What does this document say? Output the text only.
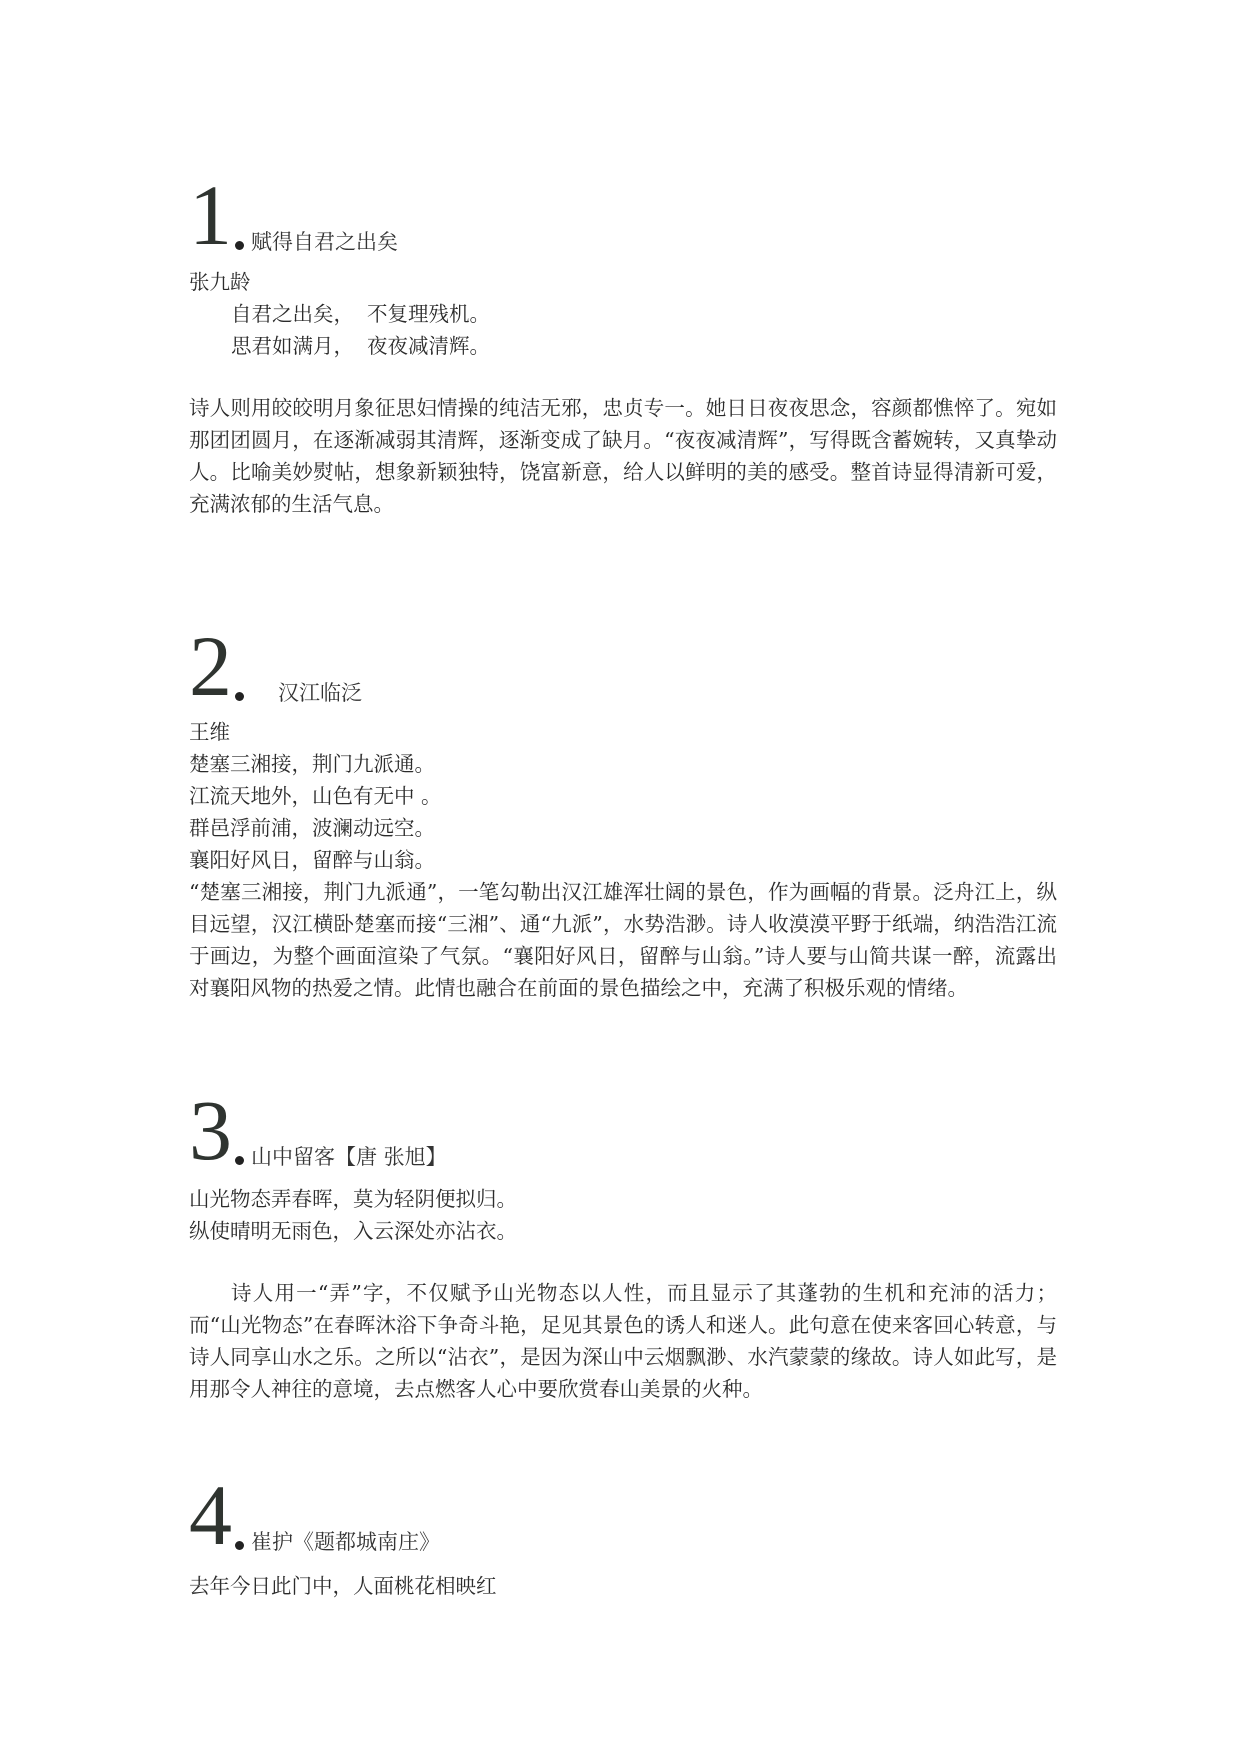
1 赋得自君之出矣
张九龄
自君之出矣，  不复理残机。
思君如满月，  夜夜减清辉。
诗人则用皎皎明月象征思妇情操的纯洁无邪，忠贞专一。她日日夜夜思念，容颜都憔悴了。宛如那团团圆月，在逐渐减弱其清辉，逐渐变成了缺月。“夜夜减清辉”，写得既含蓄婉转，又真挚动人。比喻美妙熨帖，想象新颖独特，饶富新意，给人以鲜明的美的感受。整首诗显得清新可爱，充满浓郁的生活气息。
2 汉江临泛
王维
楚塞三湘接，荆门九派通。
江流天地外，山色有无中 。
群邑浮前浦，波澜动远空。
襄阳好风日，留醉与山翁。
“楚塞三湘接，荆门九派通”，一笔勾勒出汉江雄浑壮阔的景色，作为画幅的背景。泛舟江上，纵目远望，汉江横卧楚塞而接“三湘”、通“九派”，水势浩渺。诗人收漠漠平野于纸端，纳浩浩江流于画边，为整个画面渲染了气氛。“襄阳好风日，留醉与山翁。”诗人要与山简共谋一醉，流露出对襄阳风物的热爱之情。此情也融合在前面的景色描绘之中，充满了积极乐观的情绪。
3 山中留客【唐 张旭】
山光物态弄春晖，莫为轻阴便拟归。
纵使晴明无雨色，入云深处亦沾衣。
诗人用一“弄”字，不仅赋予山光物态以人性，而且显示了其蓬勃的生机和充沛的活力；而“山光物态”在春晖沐浴下争奇斗艳，足见其景色的诱人和迷人。此句意在使来客回心转意，与诗人同享山水之乐。之所以“沾衣”，是因为深山中云烟飘渺、水汽蒙蒙的缘故。诗人如此写，是用那令人神往的意境，去点燃客人心中要欣赏春山美景的火种。
4 崔护《题都城南庄》
去年今日此门中，人面桃花相映红
